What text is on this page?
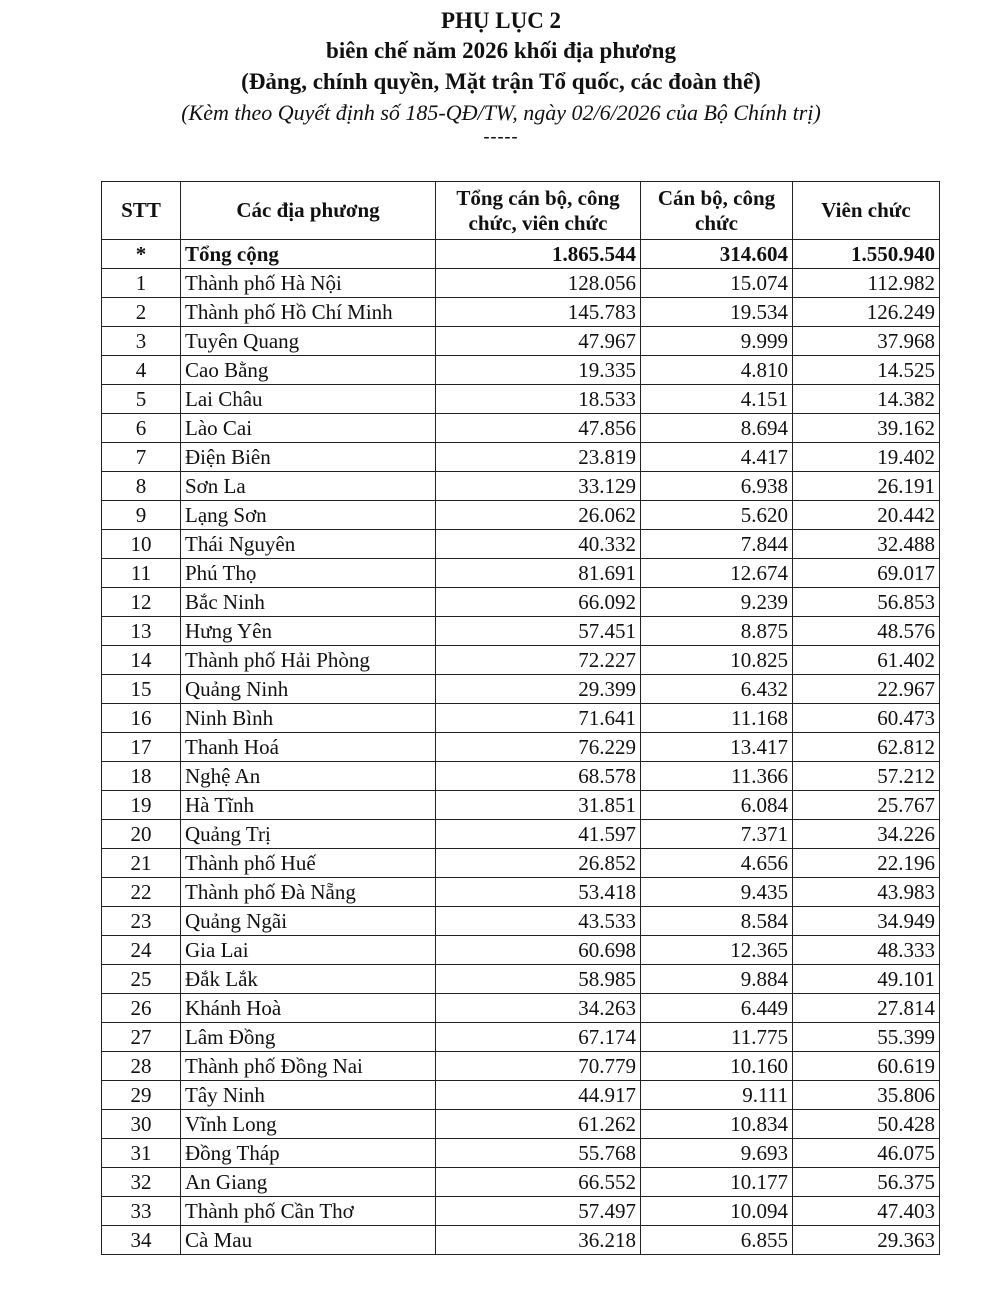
PHỤ LỤC 2
biên chế năm 2026 khối địa phương
(Đảng, chính quyền, Mặt trận Tổ quốc, các đoàn thể)
(Kèm theo Quyết định số 185-QĐ/TW, ngày 02/6/2026 của Bộ Chính trị)
-----
STT	Các địa phương	Tổng cán bộ, công chức, viên chức	Cán bộ, công chức	Viên chức
*	Tổng cộng	1.865.544	314.604	1.550.940
1	Thành phố Hà Nội	128.056	15.074	112.982
2	Thành phố Hồ Chí Minh	145.783	19.534	126.249
3	Tuyên Quang	47.967	9.999	37.968
4	Cao Bằng	19.335	4.810	14.525
5	Lai Châu	18.533	4.151	14.382
6	Lào Cai	47.856	8.694	39.162
7	Điện Biên	23.819	4.417	19.402
8	Sơn La	33.129	6.938	26.191
9	Lạng Sơn	26.062	5.620	20.442
10	Thái Nguyên	40.332	7.844	32.488
11	Phú Thọ	81.691	12.674	69.017
12	Bắc Ninh	66.092	9.239	56.853
13	Hưng Yên	57.451	8.875	48.576
14	Thành phố Hải Phòng	72.227	10.825	61.402
15	Quảng Ninh	29.399	6.432	22.967
16	Ninh Bình	71.641	11.168	60.473
17	Thanh Hoá	76.229	13.417	62.812
18	Nghệ An	68.578	11.366	57.212
19	Hà Tĩnh	31.851	6.084	25.767
20	Quảng Trị	41.597	7.371	34.226
21	Thành phố Huế	26.852	4.656	22.196
22	Thành phố Đà Nẵng	53.418	9.435	43.983
23	Quảng Ngãi	43.533	8.584	34.949
24	Gia Lai	60.698	12.365	48.333
25	Đắk Lắk	58.985	9.884	49.101
26	Khánh Hoà	34.263	6.449	27.814
27	Lâm Đồng	67.174	11.775	55.399
28	Thành phố Đồng Nai	70.779	10.160	60.619
29	Tây Ninh	44.917	9.111	35.806
30	Vĩnh Long	61.262	10.834	50.428
31	Đồng Tháp	55.768	9.693	46.075
32	An Giang	66.552	10.177	56.375
33	Thành phố Cần Thơ	57.497	10.094	47.403
34	Cà Mau	36.218	6.855	29.363
